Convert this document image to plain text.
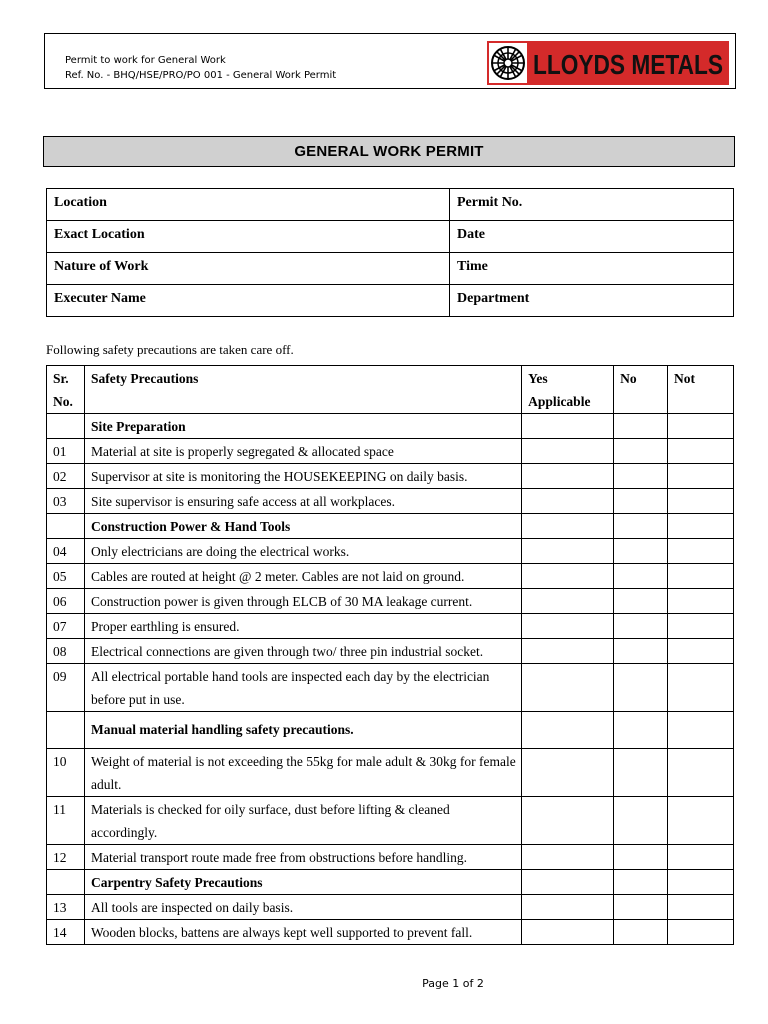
Permit to work for General Work
Ref. No. - BHQ/HSE/PRO/PO 001 - General Work Permit	LLOYDS METALS
GENERAL WORK PERMIT
Location	Permit No.
Exact Location	Date
Nature of Work	Time
Executer Name	Department
Following safety precautions are taken care off.
Sr. No.	Safety Precautions	Yes Applicable	No	Not
	Site Preparation			
01	Material at site is properly segregated & allocated space			
02	Supervisor at site is monitoring the HOUSEKEEPING on daily basis.			
03	Site supervisor is ensuring safe access at all workplaces.			
	Construction Power & Hand Tools			
04	Only electricians are doing the electrical works.			
05	Cables are routed at height @ 2 meter. Cables are not laid on ground.			
06	Construction power is given through ELCB of 30 MA leakage current.			
07	Proper earthling is ensured.			
08	Electrical connections are given through two/ three pin industrial socket.			
09	All electrical portable hand tools are inspected each day by the electrician before put in use.			
	Manual material handling safety precautions.			
10	Weight of material is not exceeding the 55kg for male adult & 30kg for female adult.			
11	Materials is checked for oily surface, dust before lifting & cleaned accordingly.			
12	Material transport route made free from obstructions before handling.			
	Carpentry Safety Precautions			
13	All tools are inspected on daily basis.			
14	Wooden blocks, battens are always kept well supported to prevent fall.			
Page 1 of 2
